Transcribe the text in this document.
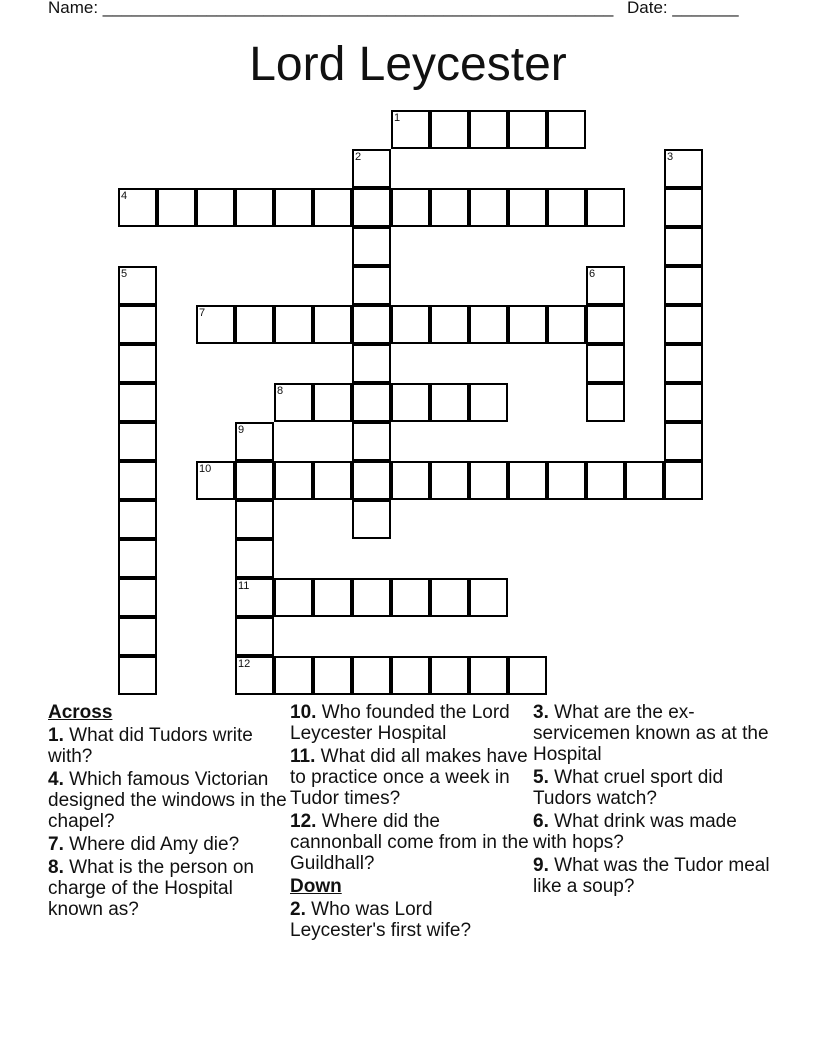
Name: ______________________________________________________ Date: _______
Lord Leycester
1
2	3
4
5	6
7
8
9
10
11
12
Across
1. What did Tudors write with?
4. Which famous Victorian designed the windows in the chapel?
7. Where did Amy die?
8. What is the person on charge of the Hospital known as?
10. Who founded the Lord Leycester Hospital
11. What did all makes have to practice once a week in Tudor times?
12. Where did the cannonball come from in the Guildhall?
Down
2. Who was Lord Leycester's first wife?
3. What are the ex-servicemen known as at the Hospital
5. What cruel sport did Tudors watch?
6. What drink was made with hops?
9. What was the Tudor meal like a soup?
